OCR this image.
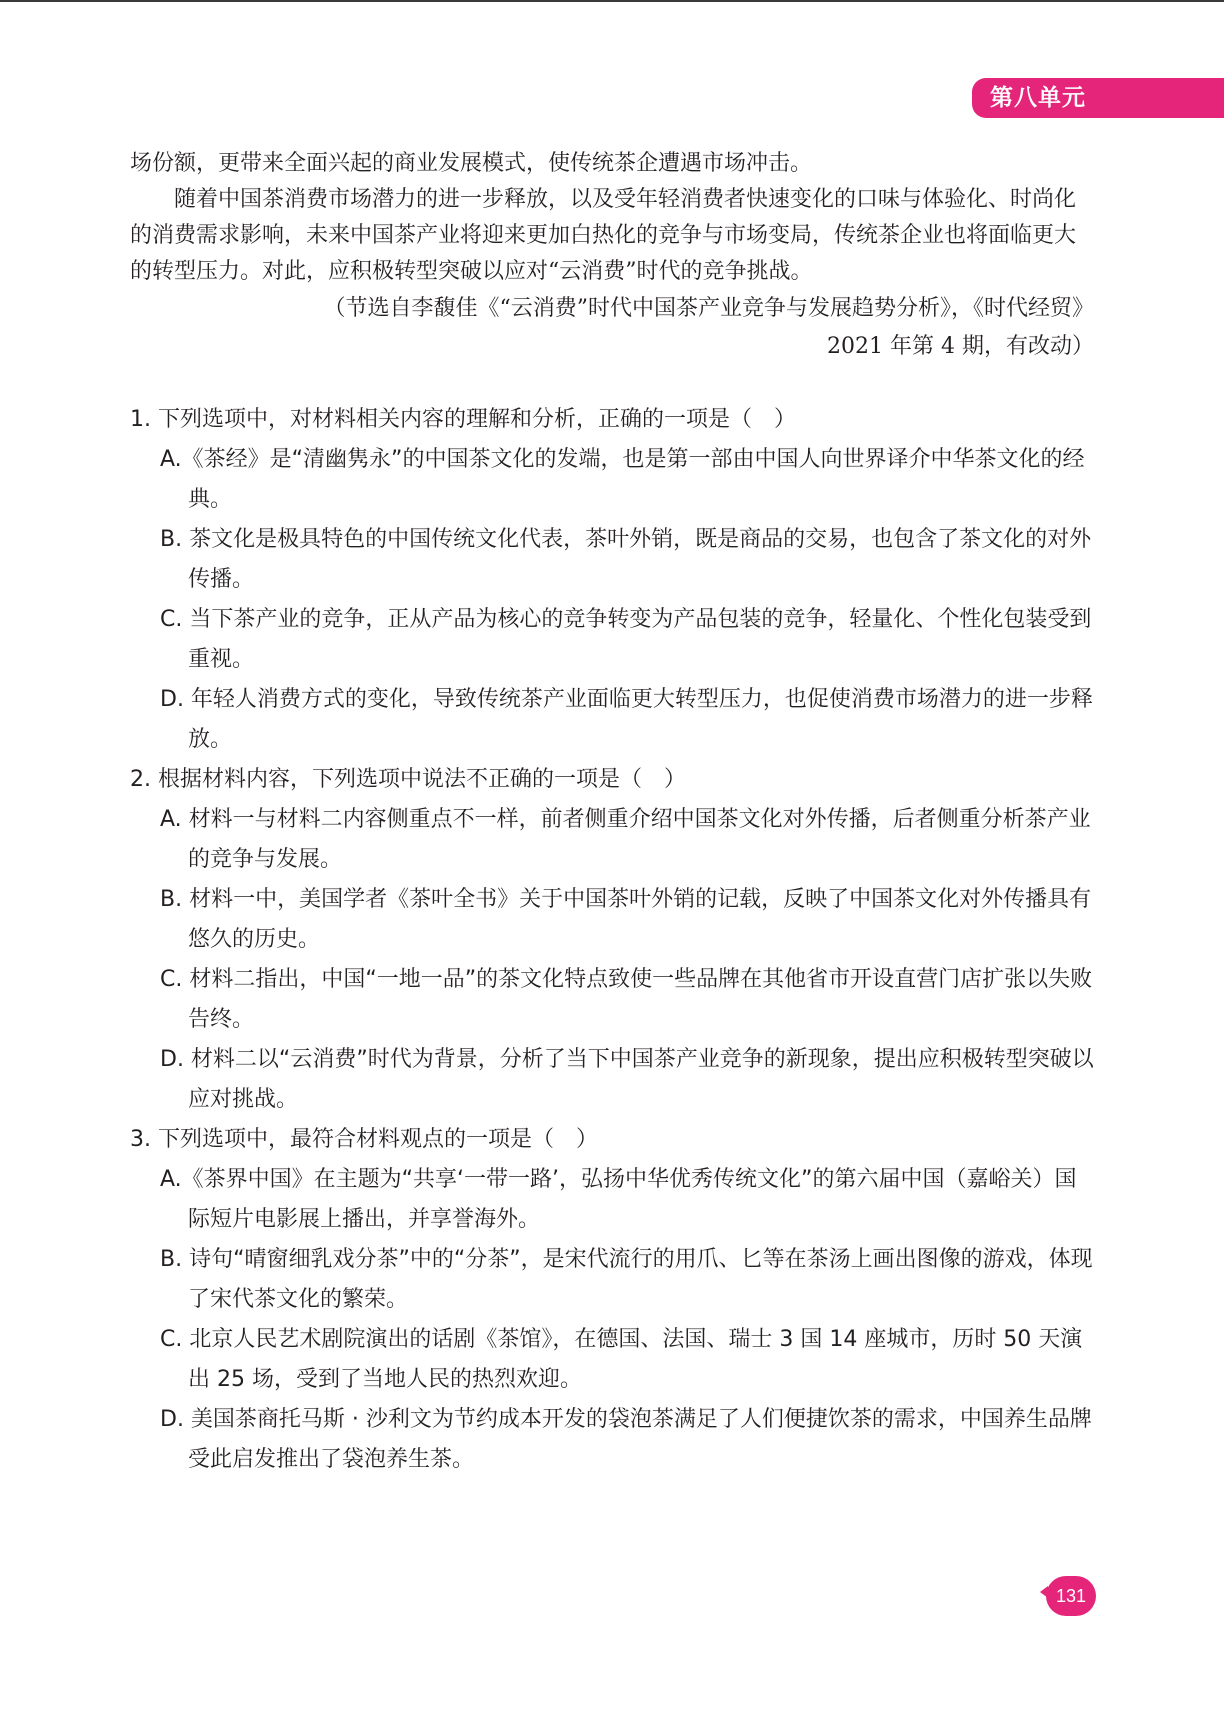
第八单元

场份额，更带来全面兴起的商业发展模式，使传统茶企遭遇市场冲击。

随着中国茶消费市场潜力的进一步释放，以及受年轻消费者快速变化的口味与体验化、时尚化的消费需求影响，未来中国茶产业将迎来更加白热化的竞争与市场变局，传统茶企业也将面临更大的转型压力。对此，应积极转型突破以应对“云消费”时代的竞争挑战。

（节选自李馥佳《“云消费”时代中国茶产业竞争与发展趋势分析》，《时代经贸》
2021 年第 4 期，有改动）
1. 下列选项中，对材料相关内容的理解和分析，正确的一项是（　）
A.《茶经》是“清幽隽永”的中国茶文化的发端，也是第一部由中国人向世界译介中华茶文化的经典。
B. 茶文化是极具特色的中国传统文化代表，茶叶外销，既是商品的交易，也包含了茶文化的对外传播。
C. 当下茶产业的竞争，正从产品为核心的竞争转变为产品包装的竞争，轻量化、个性化包装受到重视。
D. 年轻人消费方式的变化，导致传统茶产业面临更大转型压力，也促使消费市场潜力的进一步释放。
2. 根据材料内容，下列选项中说法不正确的一项是（　）
A. 材料一与材料二内容侧重点不一样，前者侧重介绍中国茶文化对外传播，后者侧重分析茶产业的竞争与发展。
B. 材料一中，美国学者《茶叶全书》关于中国茶叶外销的记载，反映了中国茶文化对外传播具有悠久的历史。
C. 材料二指出，中国“一地一品”的茶文化特点致使一些品牌在其他省市开设直营门店扩张以失败告终。
D. 材料二以“云消费”时代为背景，分析了当下中国茶产业竞争的新现象，提出应积极转型突破以应对挑战。
3. 下列选项中，最符合材料观点的一项是（　）
A.《茶界中国》在主题为“共享‘一带一路’，弘扬中华优秀传统文化”的第六届中国（嘉峪关）国际短片电影展上播出，并享誉海外。
B. 诗句“晴窗细乳戏分茶”中的“分茶”，是宋代流行的用爪、匕等在茶汤上画出图像的游戏，体现了宋代茶文化的繁荣。
C. 北京人民艺术剧院演出的话剧《茶馆》，在德国、法国、瑞士 3 国 14 座城市，历时 50 天演出 25 场，受到了当地人民的热烈欢迎。
D. 美国茶商托马斯 · 沙利文为节约成本开发的袋泡茶满足了人们便捷饮茶的需求，中国养生品牌受此启发推出了袋泡养生茶。
131
